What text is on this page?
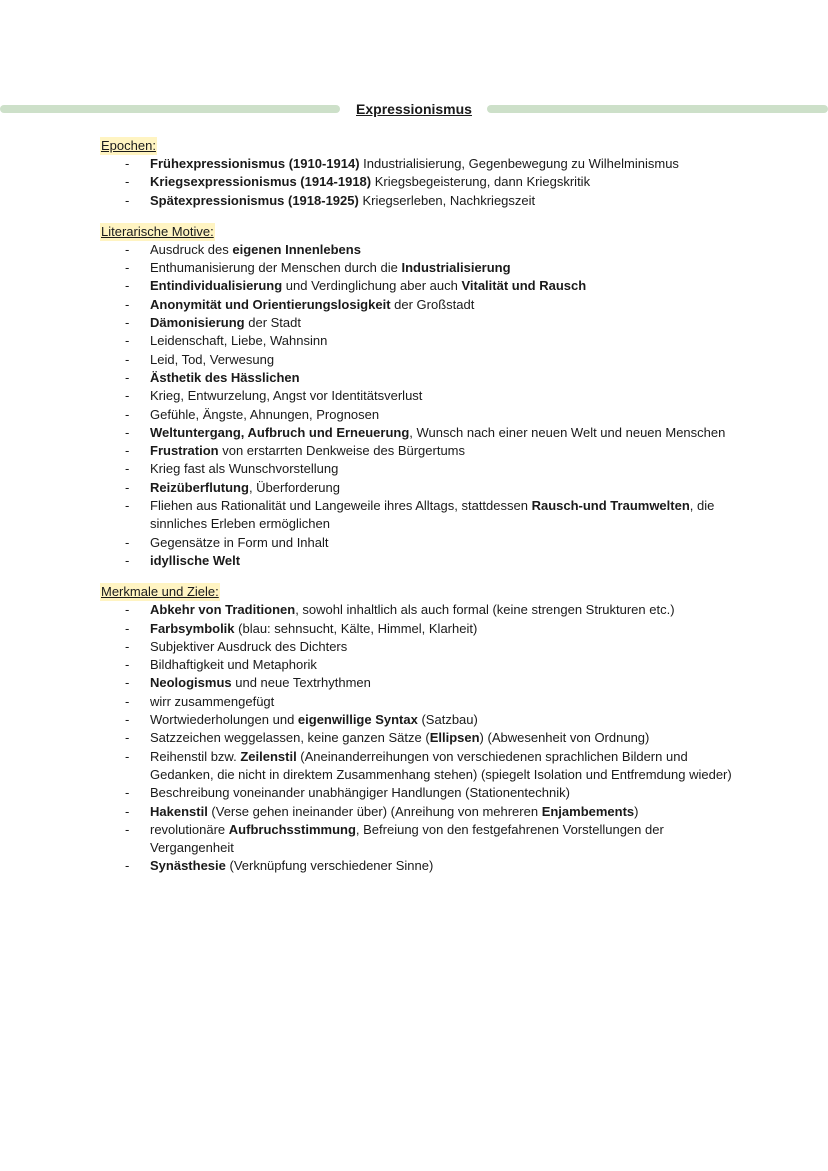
Expressionismus
Epochen:
- Frühexpressionismus (1910-1914) Industrialisierung, Gegenbewegung zu Wilhelminismus
- Kriegsexpressionismus (1914-1918) Kriegsbegeisterung, dann Kriegskritik
- Spätexpressionismus (1918-1925) Kriegserleben, Nachkriegszeit
Literarische Motive:
- Ausdruck des eigenen Innenlebens
- Enthumanisierung der Menschen durch die Industrialisierung
- Entindividualisierung und Verdinglichung aber auch Vitalität und Rausch
- Anonymität und Orientierungslosigkeit der Großstadt
- Dämonisierung der Stadt
- Leidenschaft, Liebe, Wahnsinn
- Leid, Tod, Verwesung
- Ästhetik des Hässlichen
- Krieg, Entwurzelung, Angst vor Identitätsverlust
- Gefühle, Ängste, Ahnungen, Prognosen
- Weltuntergang, Aufbruch und Erneuerung, Wunsch nach einer neuen Welt und neuen Menschen
- Frustration von erstarrten Denkweise des Bürgertums
- Krieg fast als Wunschvorstellung
- Reizüberflutung, Überforderung
- Fliehen aus Rationalität und Langeweile ihres Alltags, stattdessen Rausch-und Traumwelten, die sinnliches Erleben ermöglichen
- Gegensätze in Form und Inhalt
- idyllische Welt
Merkmale und Ziele:
- Abkehr von Traditionen, sowohl inhaltlich als auch formal (keine strengen Strukturen etc.)
- Farbsymbolik (blau: sehnsucht, Kälte, Himmel, Klarheit)
- Subjektiver Ausdruck des Dichters
- Bildhaftigkeit und Metaphorik
- Neologismus und neue Textrhythmen
- wirr zusammengefügt
- Wortwiederholungen und eigenwillige Syntax (Satzbau)
- Satzzeichen weggelassen, keine ganzen Sätze (Ellipsen) (Abwesenheit von Ordnung)
- Reihenstil bzw. Zeilenstil (Aneinanderreihungen von verschiedenen sprachlichen Bildern und Gedanken, die nicht in direktem Zusammenhang stehen) (spiegelt Isolation und Entfremdung wieder)
- Beschreibung voneinander unabhängiger Handlungen (Stationentechnik)
- Hakenstil (Verse gehen ineinander über) (Anreihung von mehreren Enjambements)
- revolutionäre Aufbruchsstimmung, Befreiung von den festgefahrenen Vorstellungen der Vergangenheit
- Synästhesie (Verknüpfung verschiedener Sinne)
